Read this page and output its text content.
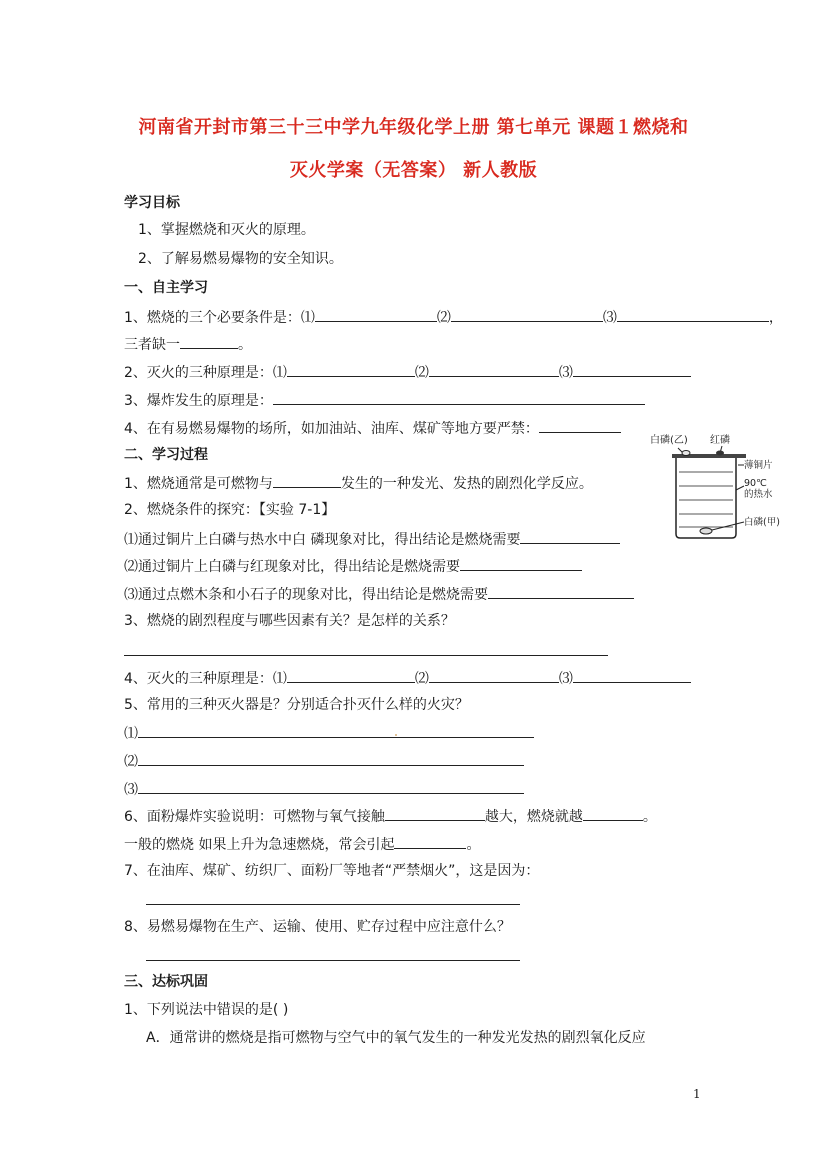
河南省开封市第三十三中学九年级化学上册 第七单元 课题１燃烧和
灭火学案（无答案） 新人教版
学习目标
1、掌握燃烧和灭火的原理。
2、了解易燃易爆物的安全知识。
一、自主学习
1、燃烧的三个必要条件是：⑴	⑵	⑶	，
三者缺一	。
2、灭火的三种原理是：⑴	⑵	⑶
3、爆炸发生的原理是：
4、在有易燃易爆物的场所，如加油站、油库、煤矿等地方要严禁：
二、学习过程
1、燃烧通常是可燃物与	发生的一种发光、发热的剧烈化学反应。
2、燃烧条件的探究：【实验 7-1】
⑴通过铜片上白磷与热水中白 磷现象对比，得出结论是燃烧需要
⑵通过铜片上白磷与红现象对比，得出结论是燃烧需要
⑶通过点燃木条和小石子的现象对比，得出结论是燃烧需要
3、燃烧的剧烈程度与哪些因素有关？是怎样的关系？
4、灭火的三种原理是：⑴	⑵	⑶
5、常用的三种灭火器是？分别适合扑灭什么样的火灾？
⑴
⑵
⑶
6、面粉爆炸实验说明：可燃物与氧气接触	越大，燃烧就越	。
一般的燃烧 如果上升为急速燃烧，常会引起	。
7、在油库、煤矿、纺织厂、面粉厂等地者“严禁烟火”，这是因为：
8、易燃易爆物在生产、运输、使用、贮存过程中应注意什么？
三、达标巩固
1、下列说法中错误的是( )
A．通常讲的燃烧是指可燃物与空气中的氧气发生的一种发光发热的剧烈氧化反应
1
白磷(乙) 红磷
薄铜片
90℃
的热水
白磷(甲)
